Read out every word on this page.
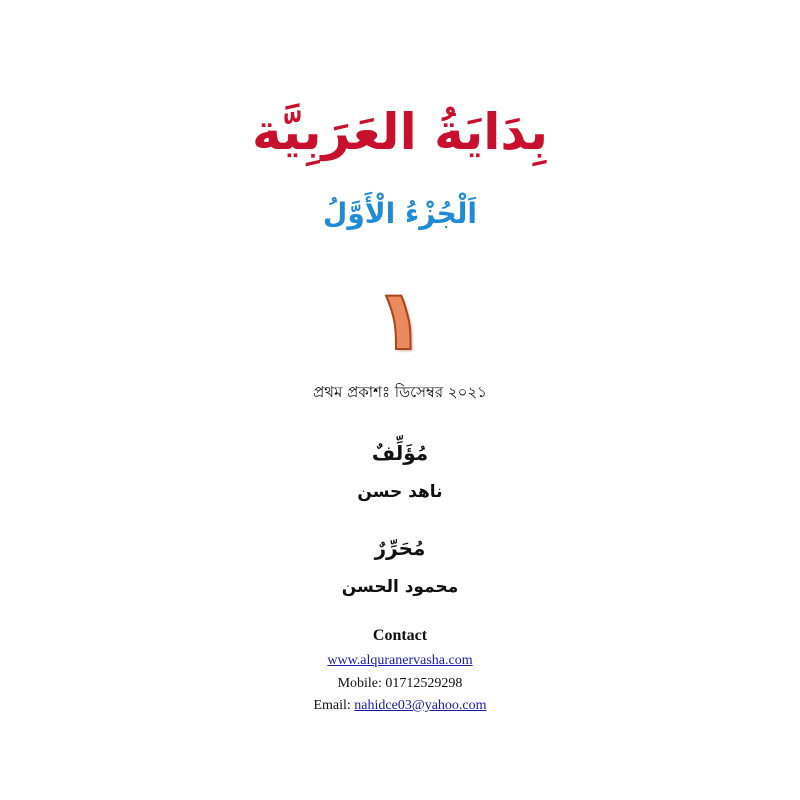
بِدَايَةُ العَرَبِيَّة
اَلْجُزْءُ الْأَوَّلُ
١

প্রথম প্রকাশঃ ডিসেম্বর ২০২১

مُؤَلِّفٌ

ناهد حسن

مُحَرِّرٌ

محمود الحسن

Contact
www.alquranervasha.com
Mobile: 01712529298
Email: nahidce03@yahoo.com
